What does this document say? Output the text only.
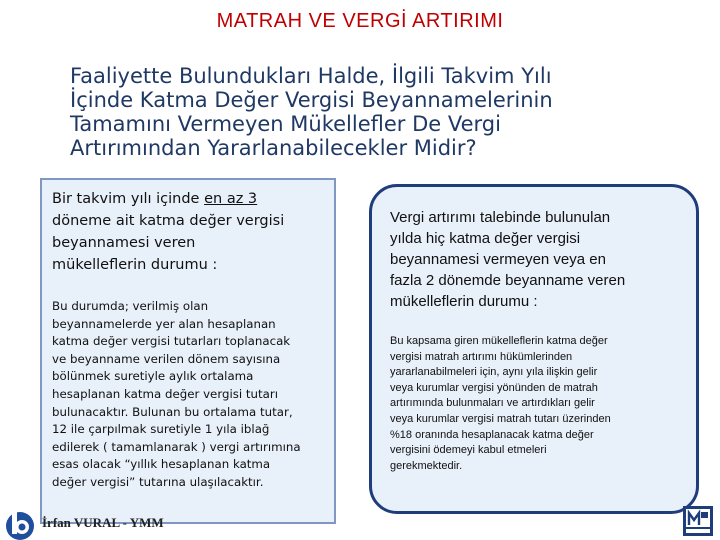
MATRAH VE VERGİ ARTIRIMI
Faaliyette Bulundukları Halde, İlgili Takvim Yılı
İçinde Katma Değer Vergisi Beyannamelerinin
Tamamını Vermeyen Mükellefler De Vergi
Artırımından Yararlanabilecekler Midir?
Bir takvim yılı içinde en az 3
döneme ait katma değer vergisi
beyannamesi veren
mükelleflerin durumu :
Bu durumda; verilmiş olan
beyannamelerde yer alan hesaplanan
katma değer vergisi tutarları toplanacak
ve beyanname verilen dönem sayısına
bölünmek suretiyle aylık ortalama
hesaplanan katma değer vergisi tutarı
bulunacaktır. Bulunan bu ortalama tutar,
12 ile çarpılmak suretiyle 1 yıla iblağ
edilerek ( tamamlanarak ) vergi artırımına
esas olacak “yıllık hesaplanan katma
değer vergisi” tutarına ulaşılacaktır.
Vergi artırımı talebinde bulunulan
yılda hiç katma değer vergisi
beyannamesi vermeyen veya en
fazla 2 dönemde beyanname veren
mükelleflerin durumu :
Bu kapsama giren mükelleflerin katma değer
vergisi matrah artırımı hükümlerinden
yararlanabilmeleri için, aynı yıla ilişkin gelir
veya kurumlar vergisi yönünden de matrah
artırımında bulunmaları ve artırdıkları gelir
veya kurumlar vergisi matrah tutarı üzerinden
%18 oranında hesaplanacak katma değer
vergisini ödemeyi kabul etmeleri
gerekmektedir.
İrfan VURAL - YMM
